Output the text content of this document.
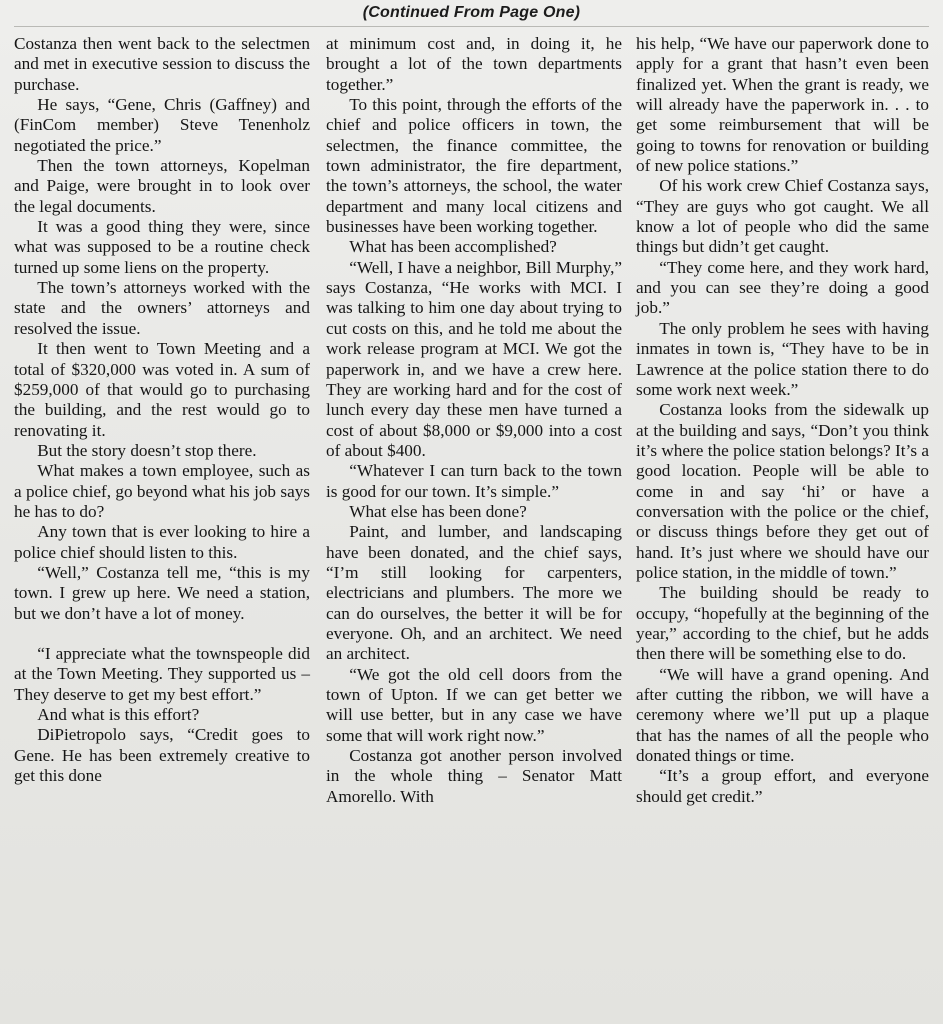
(Continued From Page One)

Costanza then went back to the selectmen and met in executive session to discuss the purchase.

He says, “Gene, Chris (Gaffney) and (FinCom member) Steve Tenenholz negotiated the price.”

Then the town attorneys, Kopelman and Paige, were brought in to look over the legal documents.

It was a good thing they were, since what was supposed to be a routine check turned up some liens on the property.

The town’s attorneys worked with the state and the owners’ attorneys and resolved the issue.

It then went to Town Meeting and a total of $320,000 was voted in. A sum of $259,000 of that would go to purchasing the building, and the rest would go to renovating it.

But the story doesn’t stop there.

What makes a town employee, such as a police chief, go beyond what his job says he has to do?

Any town that is ever looking to hire a police chief should listen to this.

“Well,” Costanza tell me, “this is my town. I grew up here. We need a station, but we don’t have a lot of money.

“I appreciate what the townspeople did at the Town Meeting. They supported us – They deserve to get my best effort.”

And what is this effort?

DiPietropolo says, “Credit goes to Gene. He has been extremely creative to get this done

at minimum cost and, in doing it, he brought a lot of the town departments together.”

To this point, through the efforts of the chief and police officers in town, the selectmen, the finance committee, the town administrator, the fire department, the town’s attorneys, the school, the water department and many local citizens and businesses have been working together.

What has been accomplished?

“Well, I have a neighbor, Bill Murphy,” says Costanza, “He works with MCI. I was talking to him one day about trying to cut costs on this, and he told me about the work release program at MCI. We got the paperwork in, and we have a crew here. They are working hard and for the cost of lunch every day these men have turned a cost of about $8,000 or $9,000 into a cost of about $400.

“Whatever I can turn back to the town is good for our town. It’s simple.”

What else has been done?

Paint, and lumber, and landscaping have been donated, and the chief says, “I’m still looking for carpenters, electricians and plumbers. The more we can do ourselves, the better it will be for everyone. Oh, and an architect. We need an architect.

“We got the old cell doors from the town of Upton. If we can get better we will use better, but in any case we have some that will work right now.”

Costanza got another person involved in the whole thing – Senator Matt Amorello. With

his help, “We have our paperwork done to apply for a grant that hasn’t even been finalized yet. When the grant is ready, we will already have the paperwork in. . . to get some reimbursement that will be going to towns for renovation or building of new police stations.”

Of his work crew Chief Costanza says, “They are guys who got caught. We all know a lot of people who did the same things but didn’t get caught.

“They come here, and they work hard, and you can see they’re doing a good job.”

The only problem he sees with having inmates in town is, “They have to be in Lawrence at the police station there to do some work next week.”

Costanza looks from the sidewalk up at the building and says, “Don’t you think it’s where the police station belongs? It’s a good location. People will be able to come in and say ‘hi’ or have a conversation with the police or the chief, or discuss things before they get out of hand. It’s just where we should have our police station, in the middle of town.”

The building should be ready to occupy, “hopefully at the beginning of the year,” according to the chief, but he adds then there will be something else to do.

“We will have a grand opening. And after cutting the ribbon, we will have a ceremony where we’ll put up a plaque that has the names of all the people who donated things or time.

“It’s a group effort, and everyone should get credit.”
